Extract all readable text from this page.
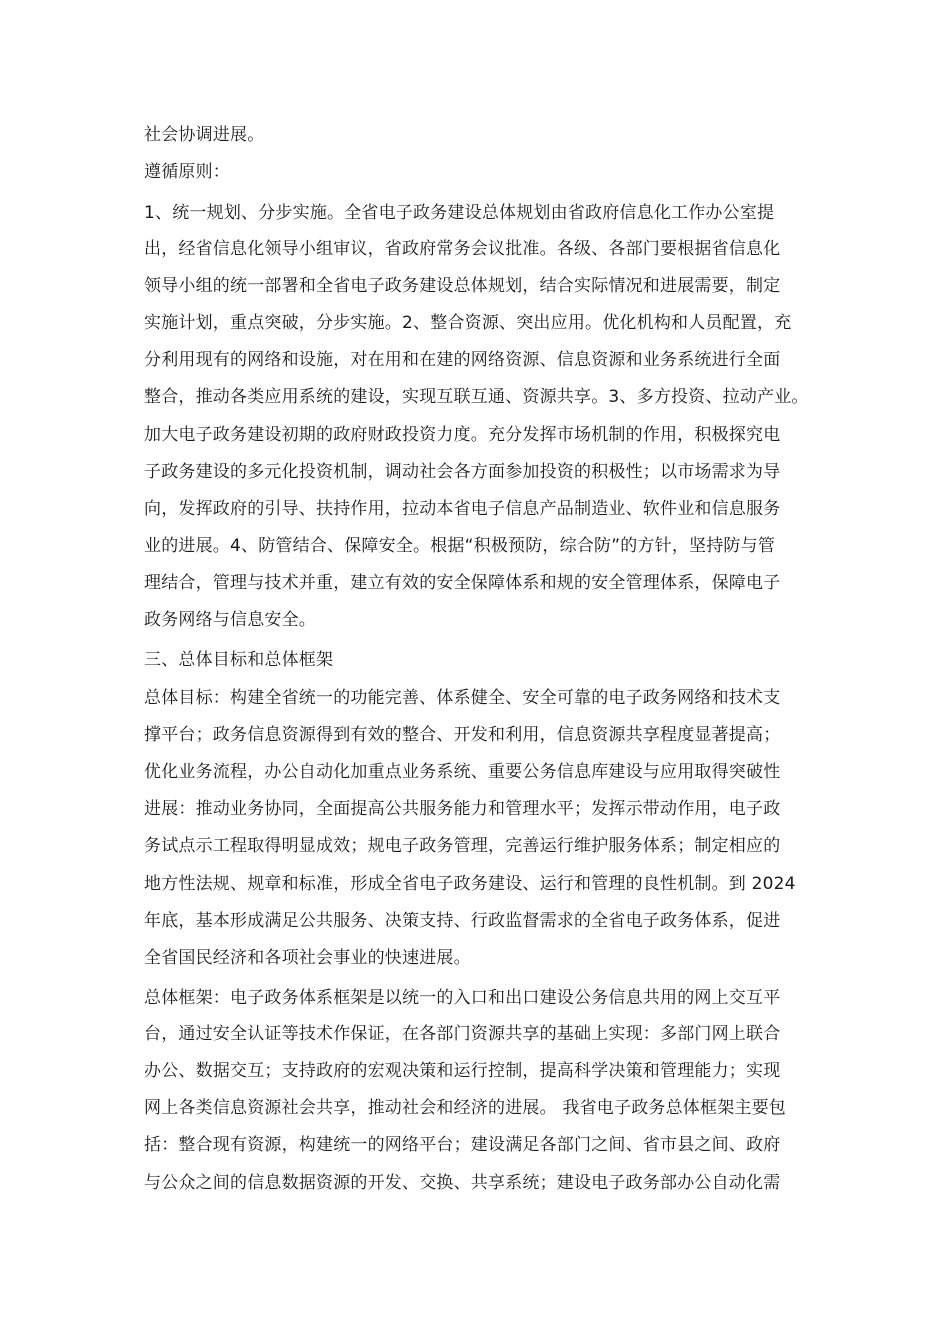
社会协调进展。
遵循原则：
1、统一规划、分步实施。全省电子政务建设总体规划由省政府信息化工作办公室提
出，经省信息化领导小组审议，省政府常务会议批准。各级、各部门要根据省信息化
领导小组的统一部署和全省电子政务建设总体规划，结合实际情况和进展需要，制定
实施计划，重点突破，分步实施。2、整合资源、突出应用。优化机构和人员配置，充
分利用现有的网络和设施，对在用和在建的网络资源、信息资源和业务系统进行全面
整合，推动各类应用系统的建设，实现互联互通、资源共享。3、多方投资、拉动产业。
加大电子政务建设初期的政府财政投资力度。充分发挥市场机制的作用，积极探究电
子政务建设的多元化投资机制，调动社会各方面参加投资的积极性；以市场需求为导
向，发挥政府的引导、扶持作用，拉动本省电子信息产品制造业、软件业和信息服务
业的进展。4、防管结合、保障安全。根据“积极预防，综合防”的方针，坚持防与管
理结合，管理与技术并重，建立有效的安全保障体系和规的安全管理体系，保障电子
政务网络与信息安全。
三、总体目标和总体框架
总体目标：构建全省统一的功能完善、体系健全、安全可靠的电子政务网络和技术支
撑平台；政务信息资源得到有效的整合、开发和利用，信息资源共享程度显著提高；
优化业务流程，办公自动化加重点业务系统、重要公务信息库建设与应用取得突破性
进展：推动业务协同，全面提高公共服务能力和管理水平；发挥示带动作用，电子政
务试点示工程取得明显成效；规电子政务管理，完善运行维护服务体系；制定相应的
地方性法规、规章和标准，形成全省电子政务建设、运行和管理的良性机制。到 2024
年底，基本形成满足公共服务、决策支持、行政监督需求的全省电子政务体系，促进
全省国民经济和各项社会事业的快速进展。
总体框架：电子政务体系框架是以统一的入口和出口建设公务信息共用的网上交互平
台，通过安全认证等技术作保证，在各部门资源共享的基础上实现：多部门网上联合
办公、数据交互；支持政府的宏观决策和运行控制，提高科学决策和管理能力；实现
网上各类信息资源社会共享，推动社会和经济的进展。 我省电子政务总体框架主要包
括：整合现有资源，构建统一的网络平台；建设满足各部门之间、省市县之间、政府
与公众之间的信息数据资源的开发、交换、共享系统；建设电子政务部办公自动化需
